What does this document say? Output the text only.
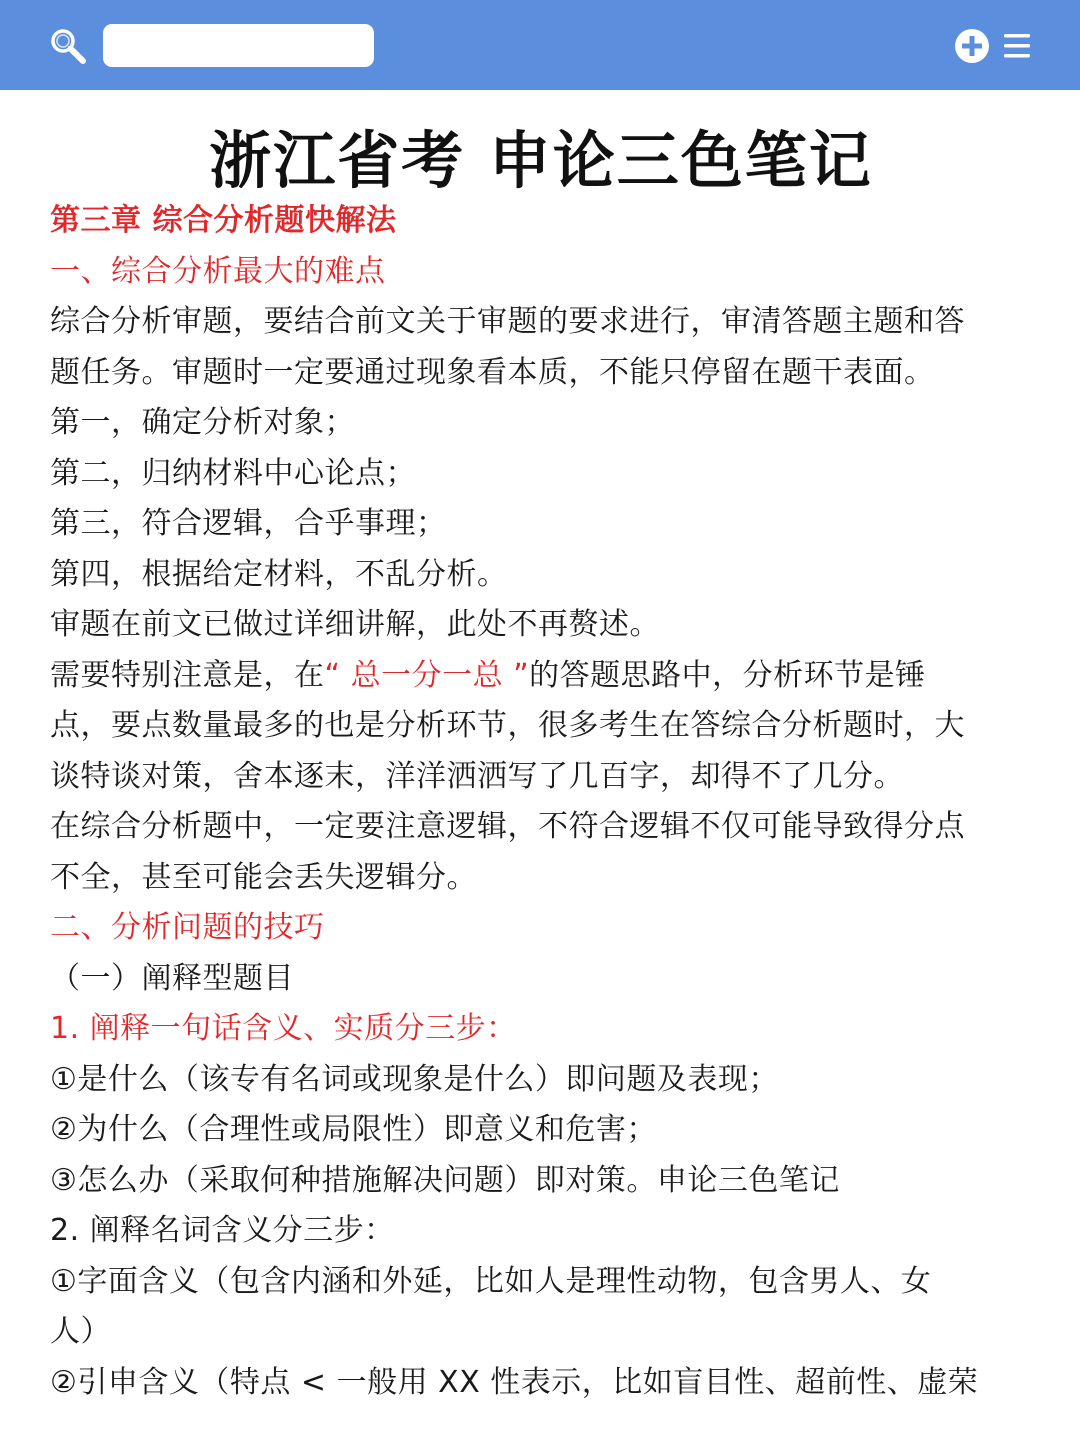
浙江省考 申论三色笔记
第三章 综合分析题快解法
一、综合分析最大的难点
综合分析审题，要结合前文关于审题的要求进行，审清答题主题和答
题任务。审题时一定要通过现象看本质，不能只停留在题干表面。
第一，确定分析对象；
第二，归纳材料中心论点；
第三，符合逻辑，合乎事理；
第四，根据给定材料，不乱分析。
审题在前文已做过详细讲解，此处不再赘述。
需要特别注意是，在“ 总一分一总 ”的答题思路中，分析环节是锤
点，要点数量最多的也是分析环节，很多考生在答综合分析题时，大
谈特谈对策，舍本逐末，洋洋洒洒写了几百字，却得不了几分。
在综合分析题中，一定要注意逻辑，不符合逻辑不仅可能导致得分点
不全，甚至可能会丢失逻辑分。
二、分析问题的技巧
（一）阐释型题目
1. 阐释一句话含义、实质分三步：
①是什么（该专有名词或现象是什么）即问题及表现；
②为什么（合理性或局限性）即意义和危害；
③怎么办（采取何种措施解决问题）即对策。申论三色笔记
2. 阐释名词含义分三步：
①字面含义（包含内涵和外延，比如人是理性动物，包含男人、女
人）
②引申含义（特点 < 一般用 XX 性表示，比如盲目性、超前性、虚荣
